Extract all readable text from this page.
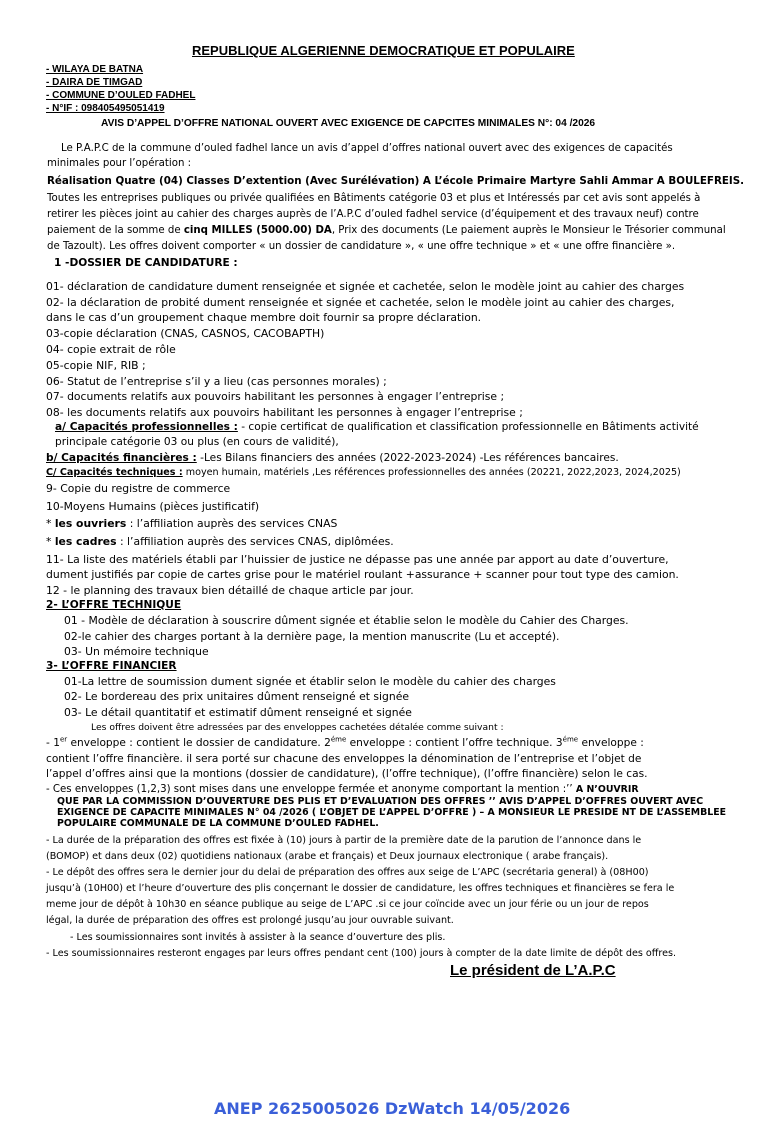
REPUBLIQUE ALGERIENNE DEMOCRATIQUE ET POPULAIRE
- WILAYA DE BATNA
- DAIRA DE TIMGAD
- COMMUNE D’OULED FADHEL
- N°IF : 098405495051419
AVIS D’APPEL D’OFFRE NATIONAL OUVERT AVEC EXIGENCE DE CAPCITES MINIMALES N°: 04 /2026
Le P.A.P.C de la commune d’ouled fadhel lance un avis d’appel d’offres national ouvert avec des exigences de capacités
minimales pour l’opération :
Réalisation Quatre (04) Classes D’extention (Avec Surélévation) A L’école Primaire Martyre Sahli Ammar A BOULEFREIS.
Toutes les entreprises publiques ou privée qualifiées en Bâtiments catégorie 03 et plus et Intéressés par cet avis sont appelés à
retirer les pièces joint au cahier des charges auprès de l’A.P.C d’ouled fadhel service (d’équipement et des travaux neuf) contre
paiement de la somme de cinq MILLES (5000.00) DA, Prix des documents (Le paiement auprès le Monsieur le Trésorier communal
de Tazoult). Les offres doivent comporter « un dossier de candidature », « une offre technique » et « une offre financière ».
1 -DOSSIER DE CANDIDATURE :
01- déclaration de candidature dument renseignée et signée et cachetée, selon le modèle joint au cahier des charges
02- la déclaration de probité dument renseignée et signée et cachetée, selon le modèle joint au cahier des charges,
dans le cas d’un groupement chaque membre doit fournir sa propre déclaration.
03-copie déclaration (CNAS, CASNOS, CACOBAPTH)
04- copie extrait de rôle
05-copie NIF, RIB ;
06- Statut de l’entreprise s’il y a lieu (cas personnes morales) ;
07- documents relatifs aux pouvoirs habilitant les personnes à engager l’entreprise ;
08- les documents relatifs aux pouvoirs habilitant les personnes à engager l’entreprise ;
a/ Capacités professionnelles : - copie certificat de qualification et classification professionnelle en Bâtiments activité
principale catégorie 03 ou plus (en cours de validité),
b/ Capacités financières : -Les Bilans financiers des années (2022-2023-2024) -Les références bancaires.
C/ Capacités techniques : moyen humain, matériels ,Les références professionnelles des années (20221, 2022,2023, 2024,2025)
9- Copie du registre de commerce
10-Moyens Humains (pièces justificatif)
* les ouvriers : l’affiliation auprès des services CNAS
* les cadres : l’affiliation auprès des services CNAS, diplômées.
11- La liste des matériels établi par l’huissier de justice ne dépasse pas une année par apport au date d’ouverture,
dument justifiés par copie de cartes grise pour le matériel roulant +assurance + scanner pour tout type des camion.
12 - le planning des travaux bien détaillé de chaque article par jour.
2- L’OFFRE TECHNIQUE
01 - Modèle de déclaration à souscrire dûment signée et établie selon le modèle du Cahier des Charges.
02-le cahier des charges portant à la dernière page, la mention manuscrite (Lu et accepté).
03- Un mémoire technique
3- L’OFFRE FINANCIER
01-La lettre de soumission dument signée et établir selon le modèle du cahier des charges
02- Le bordereau des prix unitaires dûment renseigné et signée
03- Le détail quantitatif et estimatif dûment renseigné et signée
Les offres doivent être adressées par des enveloppes cachetées détalée comme suivant :
- 1er enveloppe : contient le dossier de candidature. $2^{éme}$ enveloppe : contient l’offre technique. $3^{éme}$ enveloppe :
contient l’offre financière. il sera porté sur chacune des enveloppes la dénomination de l’entreprise et l’objet de
l’appel d’offres ainsi que la montions (dossier de candidature), (l’offre technique), (l’offre financière) selon le cas.
- Ces enveloppes (1,2,3) sont mises dans une enveloppe fermée et anonyme comportant la mention :’’ A N’OUVRIR
QUE PAR LA COMMISSION D’OUVERTURE DES PLIS ET D’EVALUATION DES OFFRES ’’ AVIS D’APPEL D’OFFRES OUVERT AVEC
EXIGENCE DE CAPACITE MINIMALES N° 04 /2026 ( L’OBJET DE L’APPEL D’OFFRE ) – A MONSIEUR LE PRESIDE NT DE L’ASSEMBLEE
POPULAIRE COMMUNALE DE LA COMMUNE D’OULED FADHEL.
- La durée de la préparation des offres est fixée à (10) jours à partir de la première date de la parution de l’annonce dans le
(BOMOP) et dans deux (02) quotidiens nationaux (arabe et français) et Deux journaux electronique ( arabe français).
- Le dépôt des offres sera le dernier jour du delai de préparation des offres aux seige de L’APC (secrétaria general) à (08H00)
jusqu’à (10H00) et l’heure d’ouverture des plis conçernant le dossier de candidature, les offres techniques et financières se fera le
meme jour de dépôt à 10h30 en séance publique au seige de L’APC .si ce jour coïncide avec un jour férie ou un jour de repos
légal, la durée de préparation des offres est prolongé jusqu’au jour ouvrable suivant.
- Les soumissionnaires sont invités à assister à la seance d’ouverture des plis.
- Les soumissionnaires resteront engages par leurs offres pendant cent (100) jours à compter de la date limite de dépôt des offres.
Le président de L’A.P.C
ANEP 2625005026 DzWatch 14/05/2026
